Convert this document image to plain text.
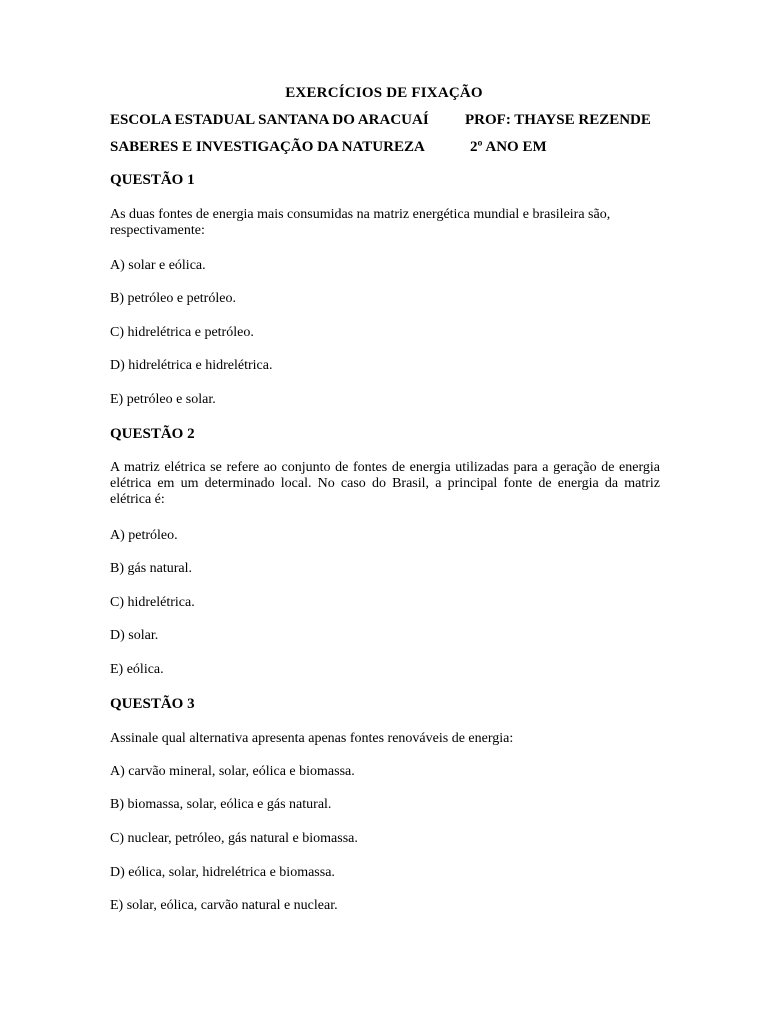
EXERCÍCIOS DE FIXAÇÃO
ESCOLA ESTADUAL SANTANA DO ARACUAÍ PROF: THAYSE REZENDE
SABERES E INVESTIGAÇÃO DA NATUREZA	2º ANO EM
QUESTÃO 1
As duas fontes de energia mais consumidas na matriz energética mundial e brasileira são, respectivamente:
A) solar e eólica.
B) petróleo e petróleo.
C) hidrelétrica e petróleo.
D) hidrelétrica e hidrelétrica.
E) petróleo e solar.
QUESTÃO 2
A matriz elétrica se refere ao conjunto de fontes de energia utilizadas para a geração de energia elétrica em um determinado local. No caso do Brasil, a principal fonte de energia da matriz elétrica é:
A) petróleo.
B) gás natural.
C) hidrelétrica.
D) solar.
E) eólica.
QUESTÃO 3
Assinale qual alternativa apresenta apenas fontes renováveis de energia:
A) carvão mineral, solar, eólica e biomassa.
B) biomassa, solar, eólica e gás natural.
C) nuclear, petróleo, gás natural e biomassa.
D) eólica, solar, hidrelétrica e biomassa.
E) solar, eólica, carvão natural e nuclear.
